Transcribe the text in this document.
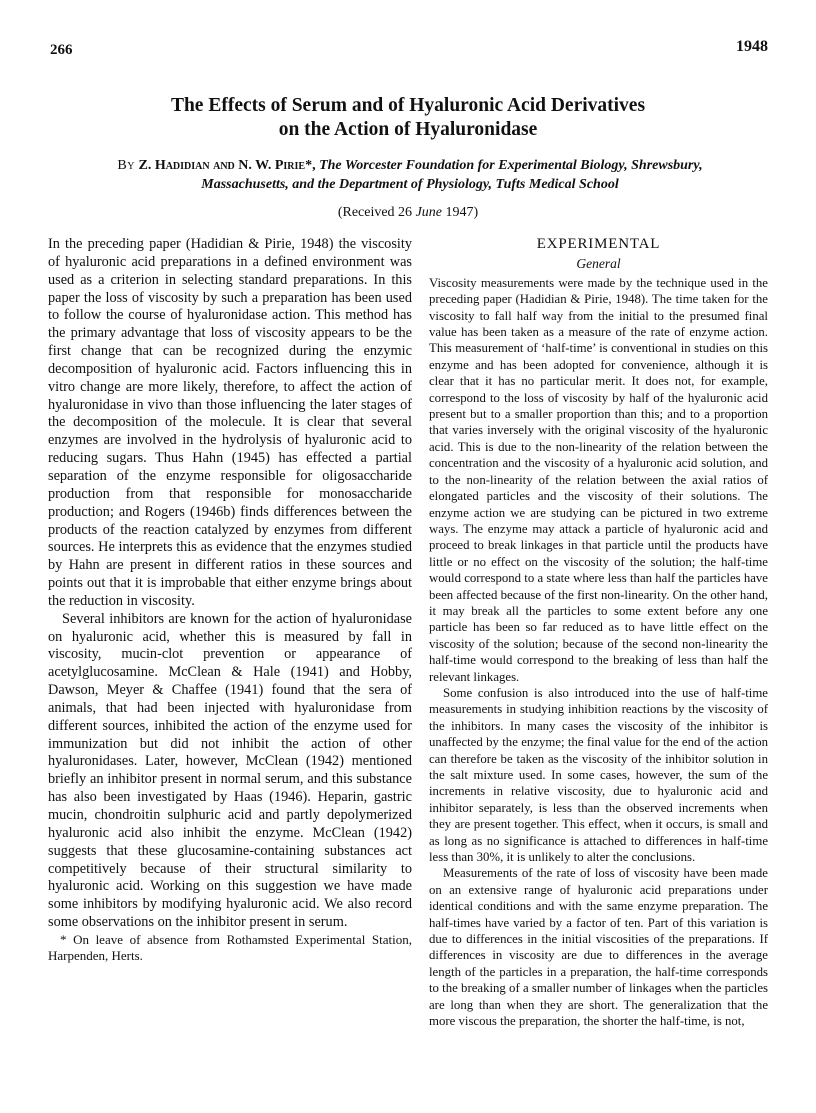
266	1948
The Effects of Serum and of Hyaluronic Acid Derivatives
on the Action of Hyaluronidase
By Z. Hadidian and N. W. Pirie*, The Worcester Foundation for Experimental Biology, Shrewsbury, Massachusetts, and the Department of Physiology, Tufts Medical School
(Received 26 June 1947)

In the preceding paper (Hadidian & Pirie, 1948) the viscosity of hyaluronic acid preparations in a defined environment was used as a criterion in selecting standard preparations. In this paper the loss of viscosity by such a preparation has been used to follow the course of hyaluronidase action. This method has the primary advantage that loss of viscosity appears to be the first change that can be recognized during the enzymic decomposition of hyaluronic acid. Factors influencing this in vitro change are more likely, therefore, to affect the action of hyaluronidase in vivo than those influencing the later stages of the decomposition of the molecule. It is clear that several enzymes are involved in the hydrolysis of hyaluronic acid to reducing sugars. Thus Hahn (1945) has effected a partial separation of the enzyme responsible for oligosaccharide production from that responsible for monosaccharide production; and Rogers (1946b) finds differences between the products of the reaction catalyzed by enzymes from different sources. He interprets this as evidence that the enzymes studied by Hahn are present in different ratios in these sources and points out that it is improbable that either enzyme brings about the reduction in viscosity.

Several inhibitors are known for the action of hyaluronidase on hyaluronic acid, whether this is measured by fall in viscosity, mucin-clot prevention or appearance of acetylglucosamine. McClean & Hale (1941) and Hobby, Dawson, Meyer & Chaffee (1941) found that the sera of animals, that had been injected with hyaluronidase from different sources, inhibited the action of the enzyme used for immunization but did not inhibit the action of other hyaluronidases. Later, however, McClean (1942) mentioned briefly an inhibitor present in normal serum, and this substance has also been investigated by Haas (1946). Heparin, gastric mucin, chondroitin sulphuric acid and partly depolymerized hyaluronic acid also inhibit the enzyme. McClean (1942) suggests that these glucosamine-containing substances act competitively because of their structural similarity to hyaluronic acid. Working on this suggestion we have made some inhibitors by modifying hyaluronic acid. We also record some observations on the inhibitor present in serum.

* On leave of absence from Rothamsted Experimental Station, Harpenden, Herts.

EXPERIMENTAL
General

Viscosity measurements were made by the technique used in the preceding paper (Hadidian & Pirie, 1948). The time taken for the viscosity to fall half way from the initial to the presumed final value has been taken as a measure of the rate of enzyme action. This measurement of ‘half-time’ is conventional in studies on this enzyme and has been adopted for convenience, although it is clear that it has no particular merit. It does not, for example, correspond to the loss of viscosity by half of the hyaluronic acid present but to a smaller proportion than this; and to a proportion that varies inversely with the original viscosity of the hyaluronic acid. This is due to the non-linearity of the relation between the concentration and the viscosity of a hyaluronic acid solution, and to the non-linearity of the relation between the axial ratios of elongated particles and the viscosity of their solutions. The enzyme action we are studying can be pictured in two extreme ways. The enzyme may attack a particle of hyaluronic acid and proceed to break linkages in that particle until the products have little or no effect on the viscosity of the solution; the half-time would correspond to a state where less than half the particles have been affected because of the first non-linearity. On the other hand, it may break all the particles to some extent before any one particle has been so far reduced as to have little effect on the viscosity of the solution; because of the second non-linearity the half-time would correspond to the breaking of less than half the relevant linkages.

Some confusion is also introduced into the use of half-time measurements in studying inhibition reactions by the viscosity of the inhibitors. In many cases the viscosity of the inhibitor is unaffected by the enzyme; the final value for the end of the action can therefore be taken as the viscosity of the inhibitor solution in the salt mixture used. In some cases, however, the sum of the increments in relative viscosity, due to hyaluronic acid and inhibitor separately, is less than the observed increments when they are present together. This effect, when it occurs, is small and as long as no significance is attached to differences in half-time less than 30%, it is unlikely to alter the conclusions.

Measurements of the rate of loss of viscosity have been made on an extensive range of hyaluronic acid preparations under identical conditions and with the same enzyme preparation. The half-times have varied by a factor of ten. Part of this variation is due to differences in the initial viscosities of the preparations. If differences in viscosity are due to differences in the average length of the particles in a preparation, the half-time corresponds to the breaking of a smaller number of linkages when the particles are long than when they are short. The generalization that the more viscous the preparation, the shorter the half-time, is not,
